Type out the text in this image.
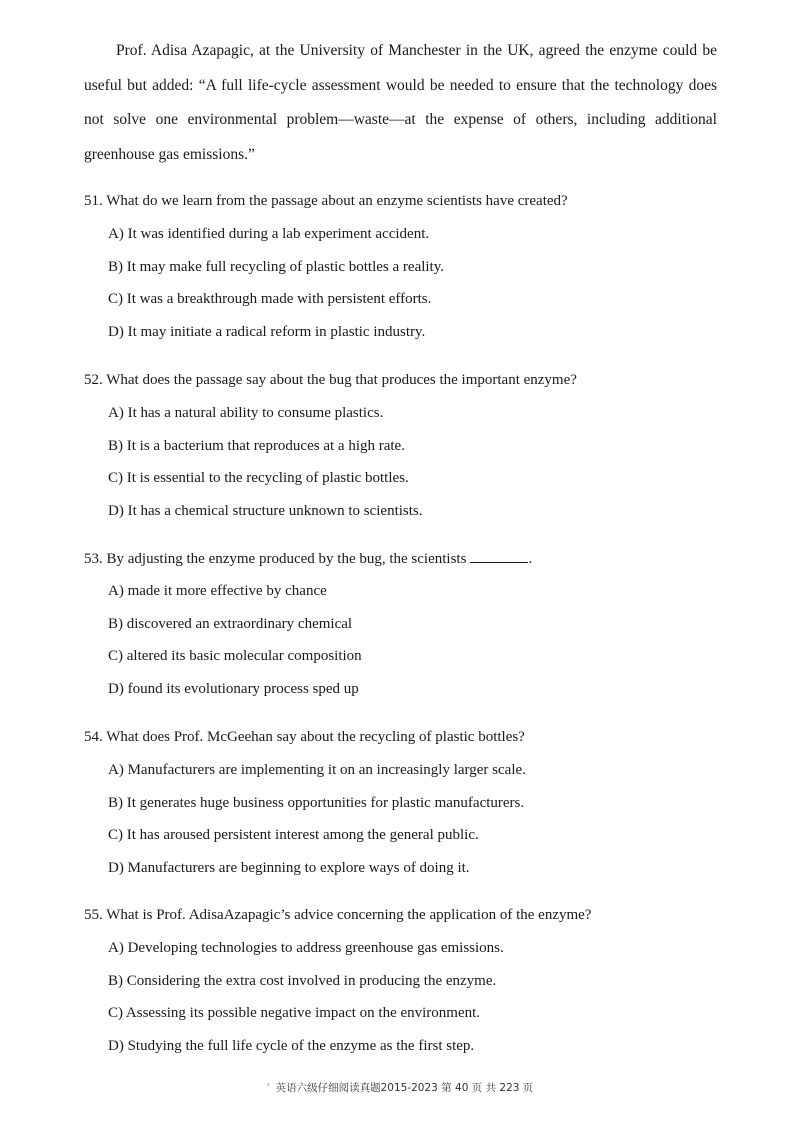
Prof. Adisa Azapagic, at the University of Manchester in the UK, agreed the enzyme could be useful but added: “A full life-cycle assessment would be needed to ensure that the technology does not solve one environmental problem—waste—at the expense of others, including additional greenhouse gas emissions.”

51. What do we learn from the passage about an enzyme scientists have created?
A) It was identified during a lab experiment accident.
B) It may make full recycling of plastic bottles a reality.
C) It was a breakthrough made with persistent efforts.
D) It may initiate a radical reform in plastic industry.
52. What does the passage say about the bug that produces the important enzyme?
A) It has a natural ability to consume plastics.
B) It is a bacterium that reproduces at a high rate.
C) It is essential to the recycling of plastic bottles.
D) It has a chemical structure unknown to scientists.
53. By adjusting the enzyme produced by the bug, the scientists	.
A) made it more effective by chance
B) discovered an extraordinary chemical
C) altered its basic molecular composition
D) found its evolutionary process sped up
54. What does Prof. McGeehan say about the recycling of plastic bottles?
A) Manufacturers are implementing it on an increasingly larger scale.
B) It generates huge business opportunities for plastic manufacturers.
C) It has aroused persistent interest among the general public.
D) Manufacturers are beginning to explore ways of doing it.
55. What is Prof. AdisaAzapagic’s advice concerning the application of the enzyme?
A) Developing technologies to address greenhouse gas emissions.
B) Considering the extra cost involved in producing the enzyme.
C) Assessing its possible negative impact on the environment.
D) Studying the full life cycle of the enzyme as the first step.
' 英语六级仔细阅读真题2015-2023 第 40 页 共 223 页
